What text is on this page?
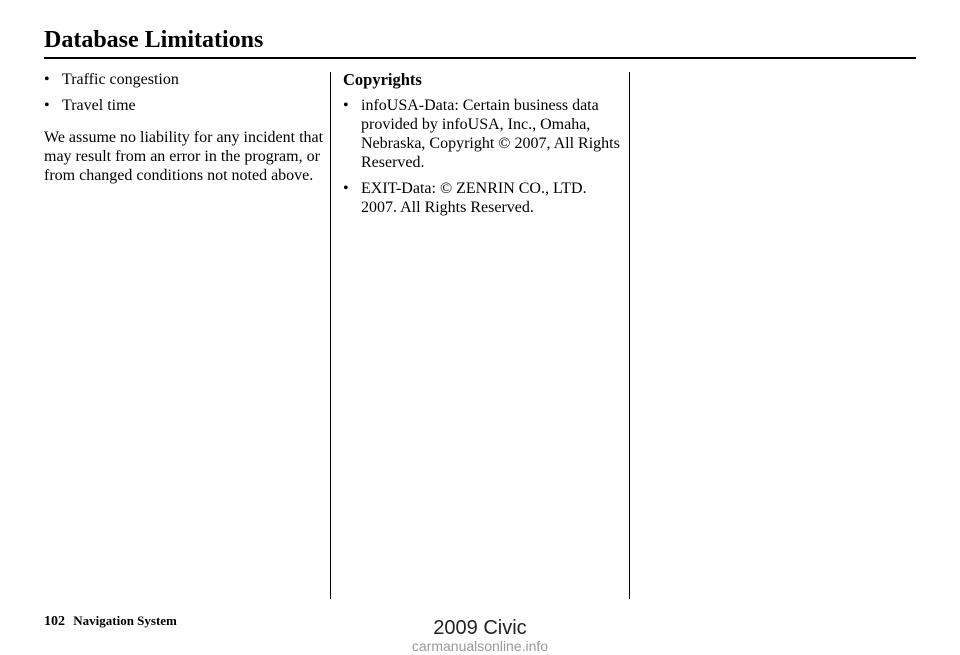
Database Limitations
• Traffic congestion
• Travel time
We assume no liability for any incident that may result from an error in the program, or from changed conditions not noted above.
Copyrights
• infoUSA-Data: Certain business data provided by infoUSA, Inc., Omaha, Nebraska, Copyright © 2007, All Rights Reserved.
• EXIT-Data: © ZENRIN CO., LTD. 2007. All Rights Reserved.
102 Navigation System	2009 Civic
carmanualsonline.info
